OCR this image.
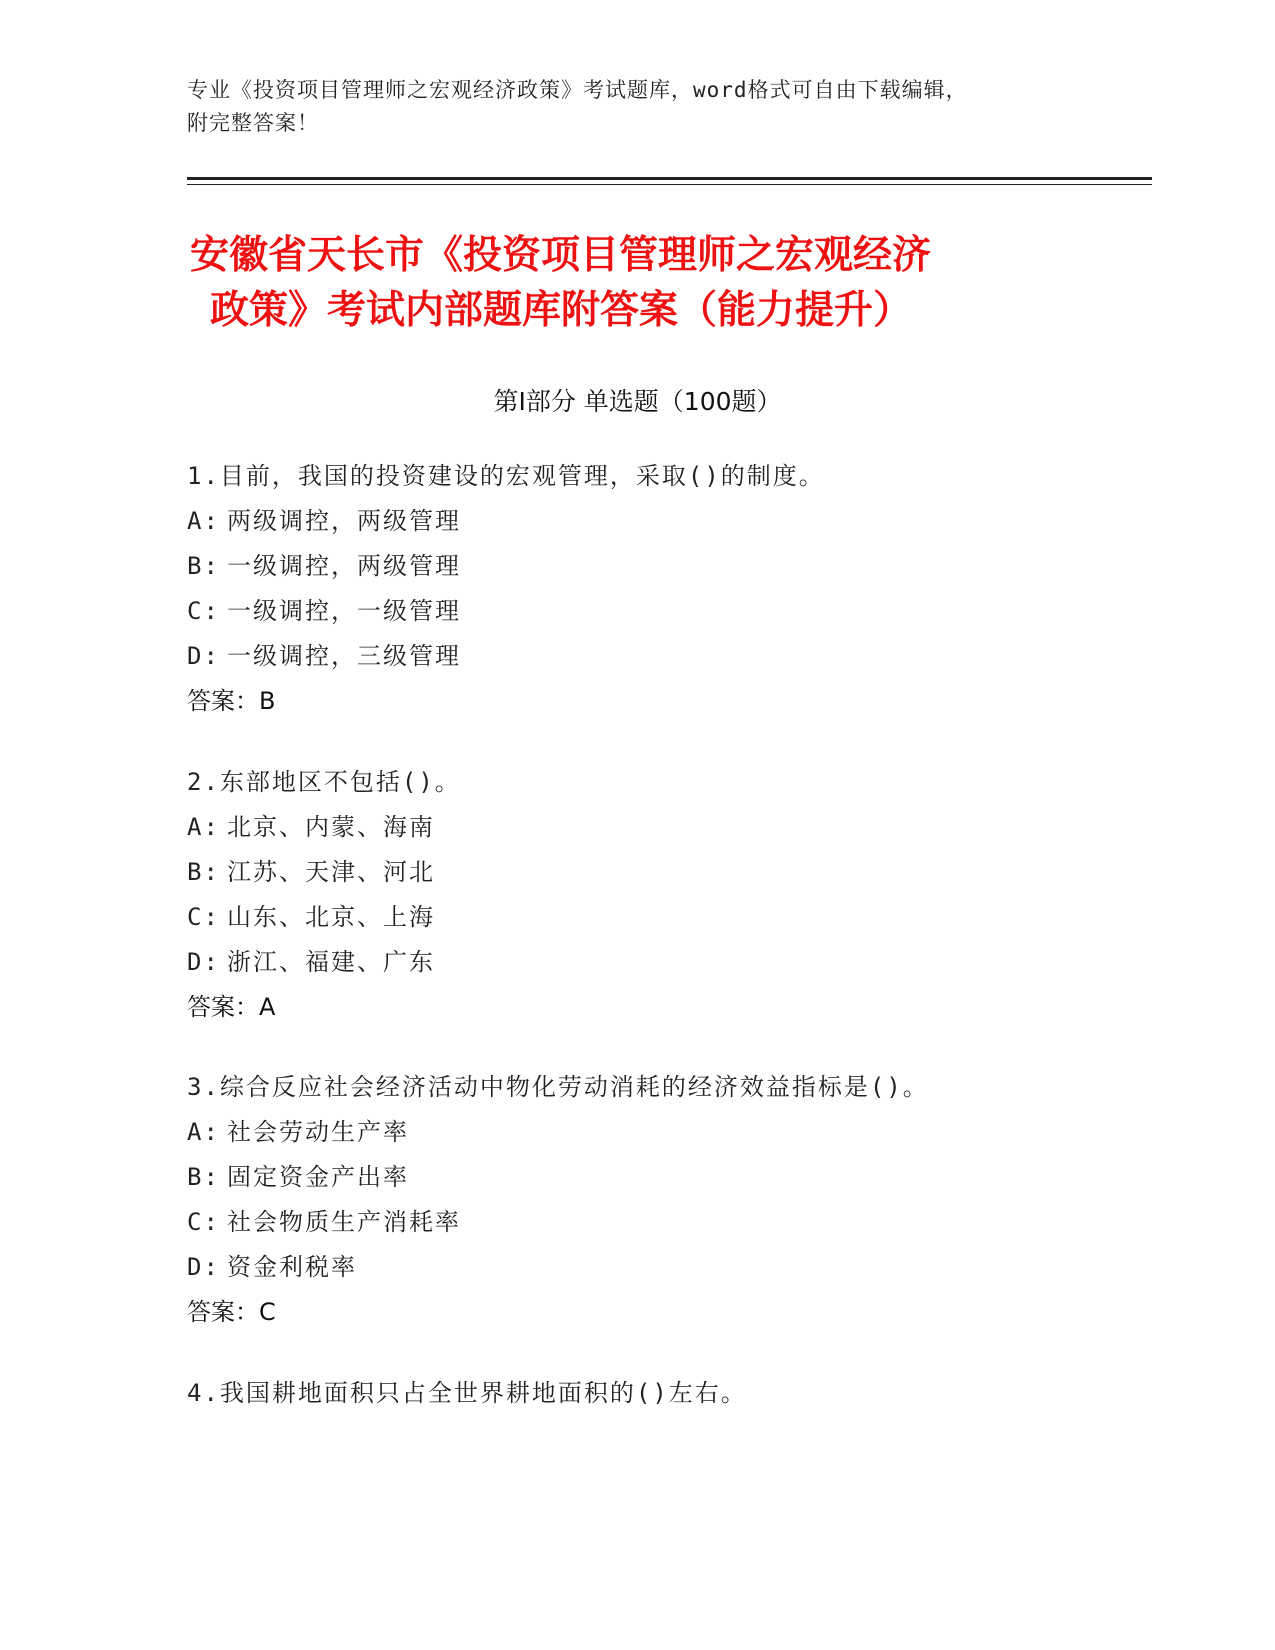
专业《投资项目管理师之宏观经济政策》考试题库，word格式可自由下载编辑，
附完整答案！
安徽省天长市《投资项目管理师之宏观经济
政策》考试内部题库附答案（能力提升）
第Ⅰ部分 单选题（100题）
1.目前，我国的投资建设的宏观管理，采取()的制度。
A: 两级调控，两级管理
B: 一级调控，两级管理
C: 一级调控，一级管理
D: 一级调控，三级管理
答案：B
2.东部地区不包括()。
A: 北京、内蒙、海南
B: 江苏、天津、河北
C: 山东、北京、上海
D: 浙江、福建、广东
答案：A
3.综合反应社会经济活动中物化劳动消耗的经济效益指标是()。
A: 社会劳动生产率
B: 固定资金产出率
C: 社会物质生产消耗率
D: 资金利税率
答案：C
4.我国耕地面积只占全世界耕地面积的()左右。
